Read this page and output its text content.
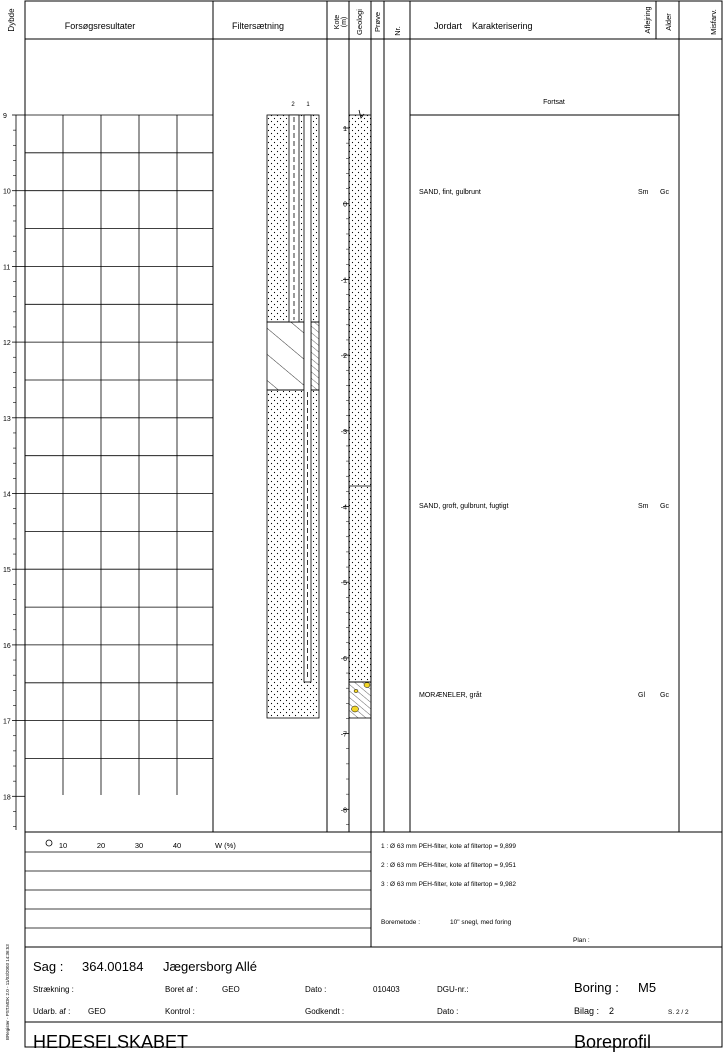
9
10
11
12
13
14
15
16
17
18
1
0
-1
-2
-3
-4
-5
-6
-7
-8
2 1
Dybde	Forsøgsresultater	Filtersætning	Kote (m) Geologi Prøve Nr.	Jordart Karakterisering	Aflejring Alder	Misfarv.
Fortsat
SAND, fint, gulbrunt	Sm Gc
SAND, groft, gulbrunt, fugtigt	Sm Gc
MORÆNELER, gråt	Gl Gc
10	20	30	40	W (%)	1 : Ø 63 mm PEH-filter, kote af filtertop = 9,899
2 : Ø 63 mm PEH-filter, kote af filtertop = 9,951
3 : Ø 63 mm PEH-filter, kote af filtertop = 9,982
Boremetode :	10" snegl, med foring
Plan :
Sag : 364.00184 Jægersborg Allé
Strækning :	Boret af :	GEO	Dato :	010403	DGU-nr.:	Boring : M5
Udarb. af : GEO	Kontrol :	Godkendt :	Dato :	Bilag : 2	S. 2 / 2
HEDESELSKABET	Boreprofil
BRegister - PST.MDK 2.0 - 11/03/2003 14:36:53
